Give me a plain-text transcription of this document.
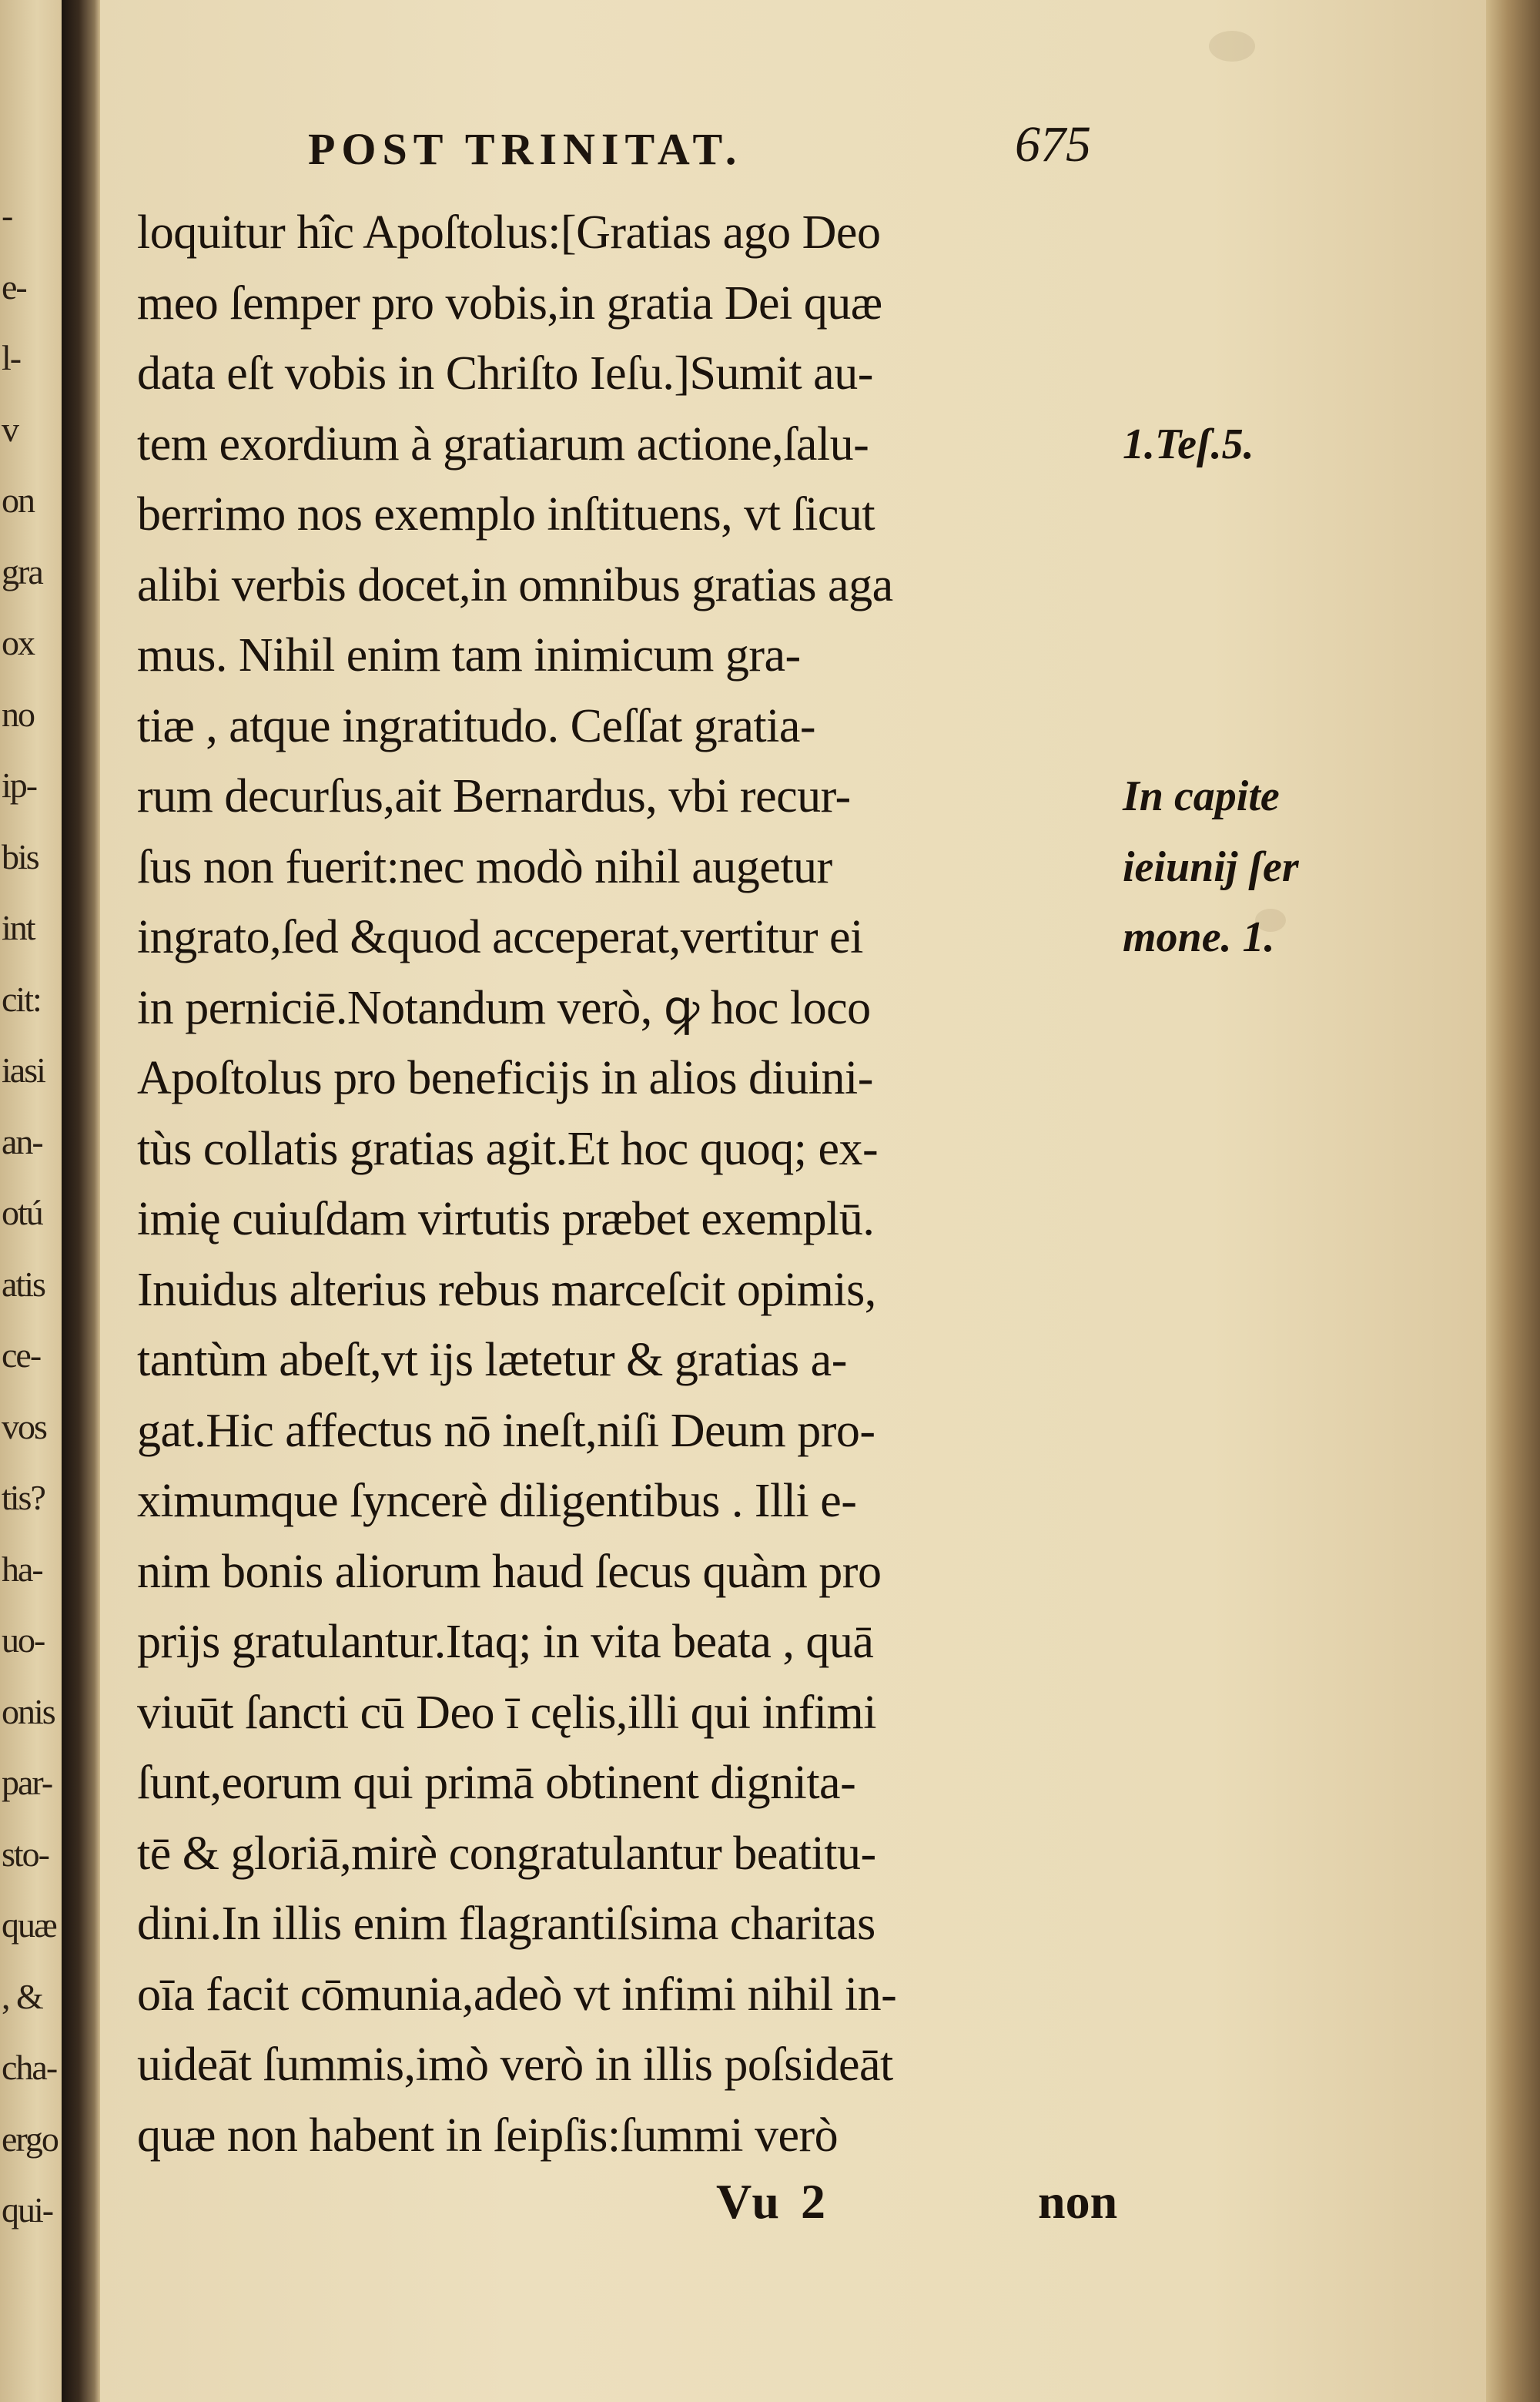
-
e-
l-
v
on
gra
ox
no
ip-
bis
int
cit:
iasi
an-
otú
atis
ce-
vos
tis?
ha-
uo-
onis
par-
sto-
quæ
, &
cha-
ergo
qui-
POST TRINITAT.	675
loquitur hîc Apoſtolus:[Gratias ago Deo
meo ſemper pro vobis,in gratia Dei quæ
data eſt vobis in Chriſto Ieſu.]Sumit au-
tem exordium à gratiarum actione,ſalu-
berrimo nos exemplo inſtituens, vt ſicut
alibi verbis docet,in omnibus gratias aga
mus. Nihil enim tam inimicum gra-
tiæ , atque ingratitudo. Ceſſat gratia-
rum decurſus,ait Bernardus, vbi recur-
ſus non fuerit:nec modò nihil augetur
ingrato,ſed &quod acceperat,vertitur ei
in perniciē.Notandum verò, ꝙ hoc loco
Apoſtolus pro beneficijs in alios diuini-
tùs collatis gratias agit.Et hoc quoq; ex-
imię cuiuſdam virtutis præbet exemplū.
Inuidus alterius rebus marceſcit opimis,
tantùm abeſt,vt ijs lætetur & gratias a-
gat.Hic affectus nō ineſt,niſi Deum pro-
ximumque ſyncerè diligentibus . Illi e-
nim bonis aliorum haud ſecus quàm pro
prijs gratulantur.Itaq; in vita beata , quā
viuūt ſancti cū Deo ī cęlis,illi qui infimi
ſunt,eorum qui primā obtinent dignita-
tē & gloriā,mirè congratulantur beatitu-
dini.In illis enim flagrantiſsima charitas
oīa facit cōmunia,adeò vt infimi nihil in-
uideāt ſummis,imò verò in illis poſsideāt
quæ non habent in ſeipſis:ſummi verò
1.Teſ.5.
In capite
ieiunij ſer
mone. 1.
Vu 2	non
